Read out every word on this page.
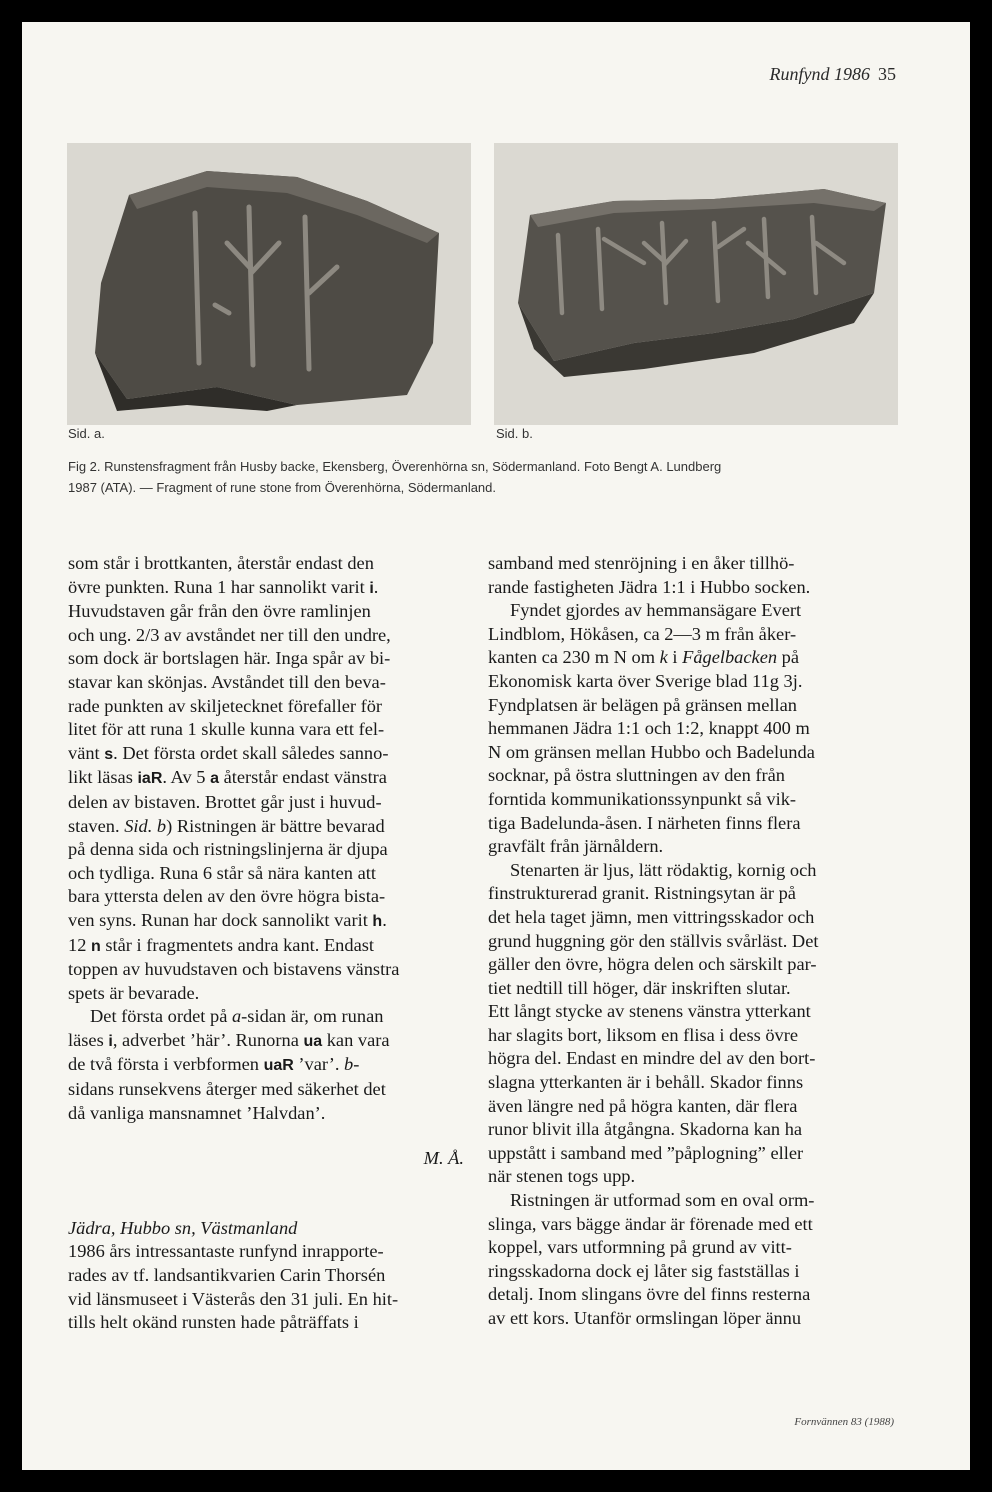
Runfynd 1986 35
Sid. a.	Sid. b.
Fig 2. Runstensfragment från Husby backe, Ekensberg, Överenhörna sn, Södermanland. Foto Bengt A. Lundberg
1987 (ATA). — Fragment of rune stone from Överenhörna, Södermanland.

som står i brottkanten, återstår endast den
övre punkten. Runa 1 har sannolikt varit i.
Huvudstaven går från den övre ramlinjen
och ung. 2/3 av avståndet ner till den undre,
som dock är bortslagen här. Inga spår av bi-
stavar kan skönjas. Avståndet till den beva-
rade punkten av skiljetecknet förefaller för
litet för att runa 1 skulle kunna vara ett fel-
vänt s. Det första ordet skall således sanno-
likt läsas iaR. Av 5 a återstår endast vänstra
delen av bistaven. Brottet går just i huvud-
staven. Sid. b) Ristningen är bättre bevarad
på denna sida och ristningslinjerna är djupa
och tydliga. Runa 6 står så nära kanten att
bara yttersta delen av den övre högra bista-
ven syns. Runan har dock sannolikt varit h.
12 n står i fragmentets andra kant. Endast
toppen av huvudstaven och bistavens vänstra
spets är bevarade.

Det första ordet på a-sidan är, om runan
läses i, adverbet ’här’. Runorna ua kan vara
de två första i verbformen uaR ’var’. b-
sidans runsekvens återger med säkerhet det
då vanliga mansnamnet ’Halvdan’.

M. Å.

Jädra, Hubbo sn, Västmanland
1986 års intressantaste runfynd inrapporte-
rades av tf. landsantikvarien Carin Thorsén
vid länsmuseet i Västerås den 31 juli. En hit-
tills helt okänd runsten hade påträffats i

samband med stenröjning i en åker tillhö-
rande fastigheten Jädra 1:1 i Hubbo socken.

Fyndet gjordes av hemmansägare Evert
Lindblom, Hökåsen, ca 2—3 m från åker-
kanten ca 230 m N om k i Fågelbacken på
Ekonomisk karta över Sverige blad 11g 3j.
Fyndplatsen är belägen på gränsen mellan
hemmanen Jädra 1:1 och 1:2, knappt 400 m
N om gränsen mellan Hubbo och Badelunda
socknar, på östra sluttningen av den från
forntida kommunikationssynpunkt så vik-
tiga Badelunda-åsen. I närheten finns flera
gravfält från järnåldern.

Stenarten är ljus, lätt rödaktig, kornig och
finstrukturerad granit. Ristningsytan är på
det hela taget jämn, men vittringsskador och
grund huggning gör den ställvis svårläst. Det
gäller den övre, högra delen och särskilt par-
tiet nedtill till höger, där inskriften slutar.
Ett långt stycke av stenens vänstra ytterkant
har slagits bort, liksom en flisa i dess övre
högra del. Endast en mindre del av den bort-
slagna ytterkanten är i behåll. Skador finns
även längre ned på högra kanten, där flera
runor blivit illa åtgångna. Skadorna kan ha
uppstått i samband med ”påplogning” eller
när stenen togs upp.

Ristningen är utformad som en oval orm-
slinga, vars bägge ändar är förenade med ett
koppel, vars utformning på grund av vitt-
ringsskadorna dock ej låter sig fastställas i
detalj. Inom slingans övre del finns resterna
av ett kors. Utanför ormslingan löper ännu

Fornvännen 83 (1988)
